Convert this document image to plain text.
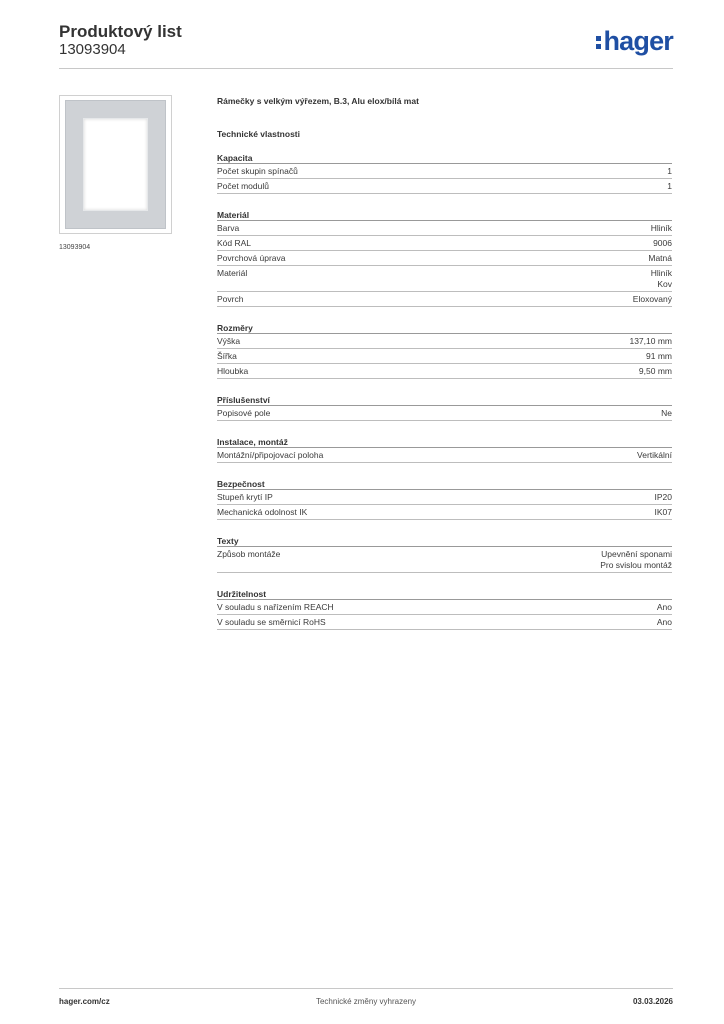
Produktový list
13093904	hager
13093904
Rámečky s velkým výřezem, B.3, Alu elox/bílá mat
Technické vlastnosti
Kapacita
Počet skupin spínačů	1
Počet modulů	1
Materiál
Barva	Hliník
Kód RAL	9006
Povrchová úprava	Matná
Materiál	Hliník
Kov
Povrch	Eloxovaný
Rozměry
Výška	137,10 mm
Šířka	91 mm
Hloubka	9,50 mm
Příslušenství
Popisové pole	Ne
Instalace, montáž
Montážní/připojovací poloha	Vertikální
Bezpečnost
Stupeň krytí IP	IP20
Mechanická odolnost IK	IK07
Texty
Způsob montáže	Upevnění sponami
Pro svislou montáž
Udržitelnost
V souladu s nařízením REACH	Ano
V souladu se směrnicí RoHS	Ano
hager.com/cz	Technické změny vyhrazeny	03.03.2026
